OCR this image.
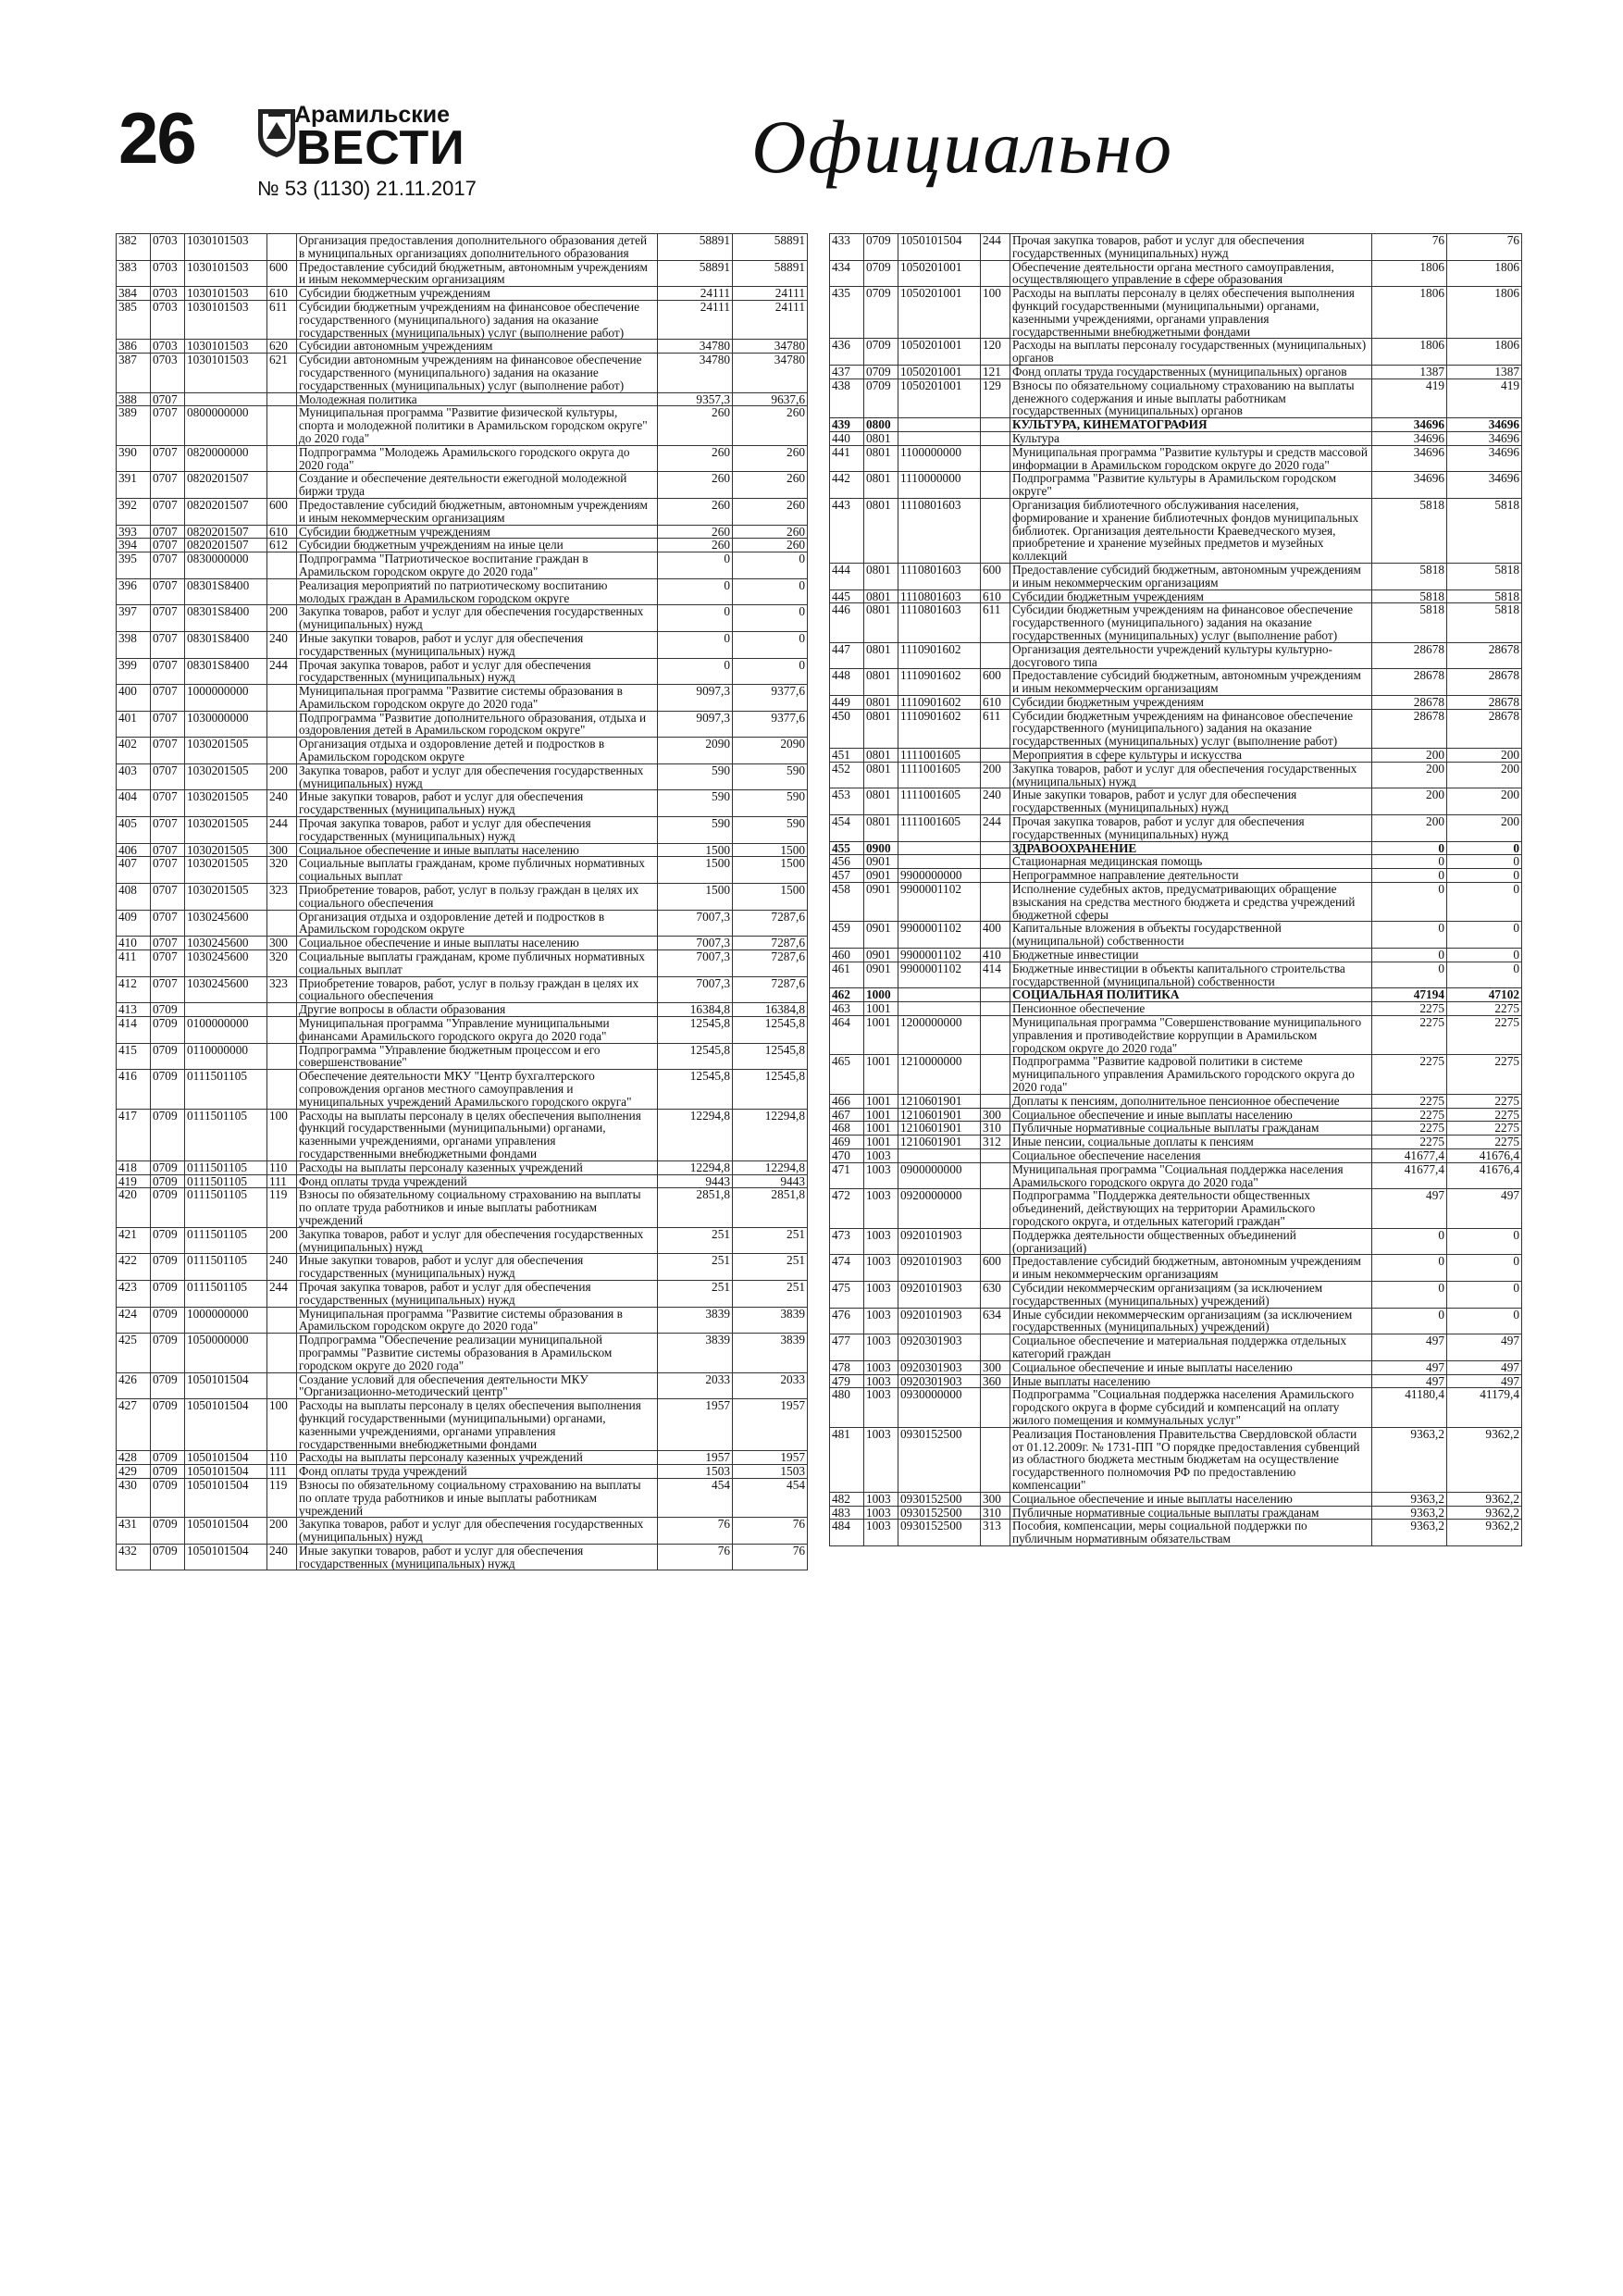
26	Арамильские
ВЕСТИ
№ 53 (1130) 21.11.2017	Официально
382	0703	1030101503		Организация предоставления дополнительного образования детей в муниципальных организациях дополнительного образования	58891	58891
383	0703	1030101503	600	Предоставление субсидий бюджетным, автономным учреждениям и иным некоммерческим организациям	58891	58891
384	0703	1030101503	610	Субсидии бюджетным учреждениям	24111	24111
385	0703	1030101503	611	Субсидии бюджетным учреждениям на финансовое обеспечение государственного (муниципального) задания на оказание государственных (муниципальных) услуг (выполнение работ)	24111	24111
386	0703	1030101503	620	Субсидии автономным учреждениям	34780	34780
387	0703	1030101503	621	Субсидии автономным учреждениям на финансовое обеспечение государственного (муниципального) задания на оказание государственных (муниципальных) услуг (выполнение работ)	34780	34780
388	0707			Молодежная политика	9357,3	9637,6
389	0707	0800000000		Муниципальная программа "Развитие физической культуры, спорта и молодежной политики в Арамильском городском округе" до 2020 года"	260	260
390	0707	0820000000		Подпрограмма "Молодежь Арамильского городского округа до 2020 года"	260	260
391	0707	0820201507		Создание и обеспечение деятельности ежегодной молодежной биржи труда	260	260
392	0707	0820201507	600	Предоставление субсидий бюджетным, автономным учреждениям и иным некоммерческим организациям	260	260
393	0707	0820201507	610	Субсидии бюджетным учреждениям	260	260
394	0707	0820201507	612	Субсидии бюджетным учреждениям на иные цели	260	260
395	0707	0830000000		Подпрограмма "Патриотическое воспитание граждан в Арамильском городском округе до 2020 года"	0	0
396	0707	08301S8400		Реализация мероприятий по патриотическому воспитанию молодых граждан в Арамильском городском округе	0	0
397	0707	08301S8400	200	Закупка товаров, работ и услуг для обеспечения государственных (муниципальных) нужд	0	0
398	0707	08301S8400	240	Иные закупки товаров, работ и услуг для обеспечения государственных (муниципальных) нужд	0	0
399	0707	08301S8400	244	Прочая закупка товаров, работ и услуг для обеспечения государственных (муниципальных) нужд	0	0
400	0707	1000000000		Муниципальная программа "Развитие системы образования в Арамильском городском округе до 2020 года"	9097,3	9377,6
401	0707	1030000000		Подпрограмма "Развитие дополнительного образования, отдыха и оздоровления детей в Арамильском городском округе"	9097,3	9377,6
402	0707	1030201505		Организация отдыха и оздоровление детей и подростков в Арамильском городском округе	2090	2090
403	0707	1030201505	200	Закупка товаров, работ и услуг для обеспечения государственных (муниципальных) нужд	590	590
404	0707	1030201505	240	Иные закупки товаров, работ и услуг для обеспечения государственных (муниципальных) нужд	590	590
405	0707	1030201505	244	Прочая закупка товаров, работ и услуг для обеспечения государственных (муниципальных) нужд	590	590
406	0707	1030201505	300	Социальное обеспечение и иные выплаты населению	1500	1500
407	0707	1030201505	320	Социальные выплаты гражданам, кроме публичных нормативных социальных выплат	1500	1500
408	0707	1030201505	323	Приобретение товаров, работ, услуг в пользу граждан в целях их социального обеспечения	1500	1500
409	0707	1030245600		Организация отдыха и оздоровление детей и подростков в Арамильском городском округе	7007,3	7287,6
410	0707	1030245600	300	Социальное обеспечение и иные выплаты населению	7007,3	7287,6
411	0707	1030245600	320	Социальные выплаты гражданам, кроме публичных нормативных социальных выплат	7007,3	7287,6
412	0707	1030245600	323	Приобретение товаров, работ, услуг в пользу граждан в целях их социального обеспечения	7007,3	7287,6
413	0709			Другие вопросы в области образования	16384,8	16384,8
414	0709	0100000000		Муниципальная программа "Управление муниципальными финансами Арамильского городского округа до 2020 года"	12545,8	12545,8
415	0709	0110000000		Подпрограмма "Управление бюджетным процессом и его совершенствование"	12545,8	12545,8
416	0709	0111501105		Обеспечение деятельности МКУ "Центр бухгалтерского сопровождения органов местного самоуправления и муниципальных учреждений Арамильского городского округа"	12545,8	12545,8
417	0709	0111501105	100	Расходы на выплаты персоналу в целях обеспечения выполнения функций государственными (муниципальными) органами, казенными учреждениями, органами управления государственными внебюджетными фондами	12294,8	12294,8
418	0709	0111501105	110	Расходы на выплаты персоналу казенных учреждений	12294,8	12294,8
419	0709	0111501105	111	Фонд оплаты труда учреждений	9443	9443
420	0709	0111501105	119	Взносы по обязательному социальному страхованию на выплаты по оплате труда работников и иные выплаты работникам учреждений	2851,8	2851,8
421	0709	0111501105	200	Закупка товаров, работ и услуг для обеспечения государственных (муниципальных) нужд	251	251
422	0709	0111501105	240	Иные закупки товаров, работ и услуг для обеспечения государственных (муниципальных) нужд	251	251
423	0709	0111501105	244	Прочая закупка товаров, работ и услуг для обеспечения государственных (муниципальных) нужд	251	251
424	0709	1000000000		Муниципальная программа "Развитие системы образования в Арамильском городском округе до 2020 года"	3839	3839
425	0709	1050000000		Подпрограмма "Обеспечение реализации муниципальной программы "Развитие системы образования в Арамильском городском округе до 2020 года"	3839	3839
426	0709	1050101504		Создание условий для обеспечения деятельности МКУ "Организационно-методический центр"	2033	2033
427	0709	1050101504	100	Расходы на выплаты персоналу в целях обеспечения выполнения функций государственными (муниципальными) органами, казенными учреждениями, органами управления государственными внебюджетными фондами	1957	1957
428	0709	1050101504	110	Расходы на выплаты персоналу казенных учреждений	1957	1957
429	0709	1050101504	111	Фонд оплаты труда учреждений	1503	1503
430	0709	1050101504	119	Взносы по обязательному социальному страхованию на выплаты по оплате труда работников и иные выплаты работникам учреждений	454	454
431	0709	1050101504	200	Закупка товаров, работ и услуг для обеспечения государственных (муниципальных) нужд	76	76
432	0709	1050101504	240	Иные закупки товаров, работ и услуг для обеспечения государственных (муниципальных) нужд	76	76
433	0709	1050101504	244	Прочая закупка товаров, работ и услуг для обеспечения государственных (муниципальных) нужд	76	76
434	0709	1050201001		Обеспечение деятельности органа местного самоуправления, осуществляющего управление в сфере образования	1806	1806
435	0709	1050201001	100	Расходы на выплаты персоналу в целях обеспечения выполнения функций государственными (муниципальными) органами, казенными учреждениями, органами управления государственными внебюджетными фондами	1806	1806
436	0709	1050201001	120	Расходы на выплаты персоналу государственных (муниципальных) органов	1806	1806
437	0709	1050201001	121	Фонд оплаты труда государственных (муниципальных) органов	1387	1387
438	0709	1050201001	129	Взносы по обязательному социальному страхованию на выплаты денежного содержания и иные выплаты работникам государственных (муниципальных) органов	419	419
439	0800			КУЛЬТУРА, КИНЕМАТОГРАФИЯ	34696	34696
440	0801			Культура	34696	34696
441	0801	1100000000		Муниципальная программа "Развитие культуры и средств массовой информации в Арамильском городском округе до 2020 года"	34696	34696
442	0801	1110000000		Подпрограмма "Развитие культуры в Арамильском городском округе"	34696	34696
443	0801	1110801603		Организация библиотечного обслуживания населения, формирование и хранение библиотечных фондов муниципальных библиотек. Организация деятельности Краеведческого музея, приобретение и хранение музейных предметов и музейных коллекций	5818	5818
444	0801	1110801603	600	Предоставление субсидий бюджетным, автономным учреждениям и иным некоммерческим организациям	5818	5818
445	0801	1110801603	610	Субсидии бюджетным учреждениям	5818	5818
446	0801	1110801603	611	Субсидии бюджетным учреждениям на финансовое обеспечение государственного (муниципального) задания на оказание государственных (муниципальных) услуг (выполнение работ)	5818	5818
447	0801	1110901602		Организация деятельности учреждений культуры культурно-досугового типа	28678	28678
448	0801	1110901602	600	Предоставление субсидий бюджетным, автономным учреждениям и иным некоммерческим организациям	28678	28678
449	0801	1110901602	610	Субсидии бюджетным учреждениям	28678	28678
450	0801	1110901602	611	Субсидии бюджетным учреждениям на финансовое обеспечение государственного (муниципального) задания на оказание государственных (муниципальных) услуг (выполнение работ)	28678	28678
451	0801	1111001605		Мероприятия в сфере культуры и искусства	200	200
452	0801	1111001605	200	Закупка товаров, работ и услуг для обеспечения государственных (муниципальных) нужд	200	200
453	0801	1111001605	240	Иные закупки товаров, работ и услуг для обеспечения государственных (муниципальных) нужд	200	200
454	0801	1111001605	244	Прочая закупка товаров, работ и услуг для обеспечения государственных (муниципальных) нужд	200	200
455	0900			ЗДРАВООХРАНЕНИЕ	0	0
456	0901			Стационарная медицинская помощь	0	0
457	0901	9900000000		Непрограммное направление деятельности	0	0
458	0901	9900001102		Исполнение судебных актов, предусматривающих обращение взыскания на средства местного бюджета и средства учреждений бюджетной сферы	0	0
459	0901	9900001102	400	Капитальные вложения в объекты государственной (муниципальной) собственности	0	0
460	0901	9900001102	410	Бюджетные инвестиции	0	0
461	0901	9900001102	414	Бюджетные инвестиции в объекты капитального строительства государственной (муниципальной) собственности	0	0
462	1000			СОЦИАЛЬНАЯ ПОЛИТИКА	47194	47102
463	1001			Пенсионное обеспечение	2275	2275
464	1001	1200000000		Муниципальная программа "Совершенствование муниципального управления и противодействие коррупции в Арамильском городском округе до 2020 года"	2275	2275
465	1001	1210000000		Подпрограмма "Развитие кадровой политики в системе муниципального управления Арамильского городского округа до 2020 года"	2275	2275
466	1001	1210601901		Доплаты к пенсиям, дополнительное пенсионное обеспечение	2275	2275
467	1001	1210601901	300	Социальное обеспечение и иные выплаты населению	2275	2275
468	1001	1210601901	310	Публичные нормативные социальные выплаты гражданам	2275	2275
469	1001	1210601901	312	Иные пенсии, социальные доплаты к пенсиям	2275	2275
470	1003			Социальное обеспечение населения	41677,4	41676,4
471	1003	0900000000		Муниципальная программа "Социальная поддержка населения Арамильского городского округа до 2020 года"	41677,4	41676,4
472	1003	0920000000		Подпрограмма "Поддержка деятельности общественных объединений, действующих на территории Арамильского городского округа, и отдельных категорий граждан"	497	497
473	1003	0920101903		Поддержка деятельности общественных объединений (организаций)	0	0
474	1003	0920101903	600	Предоставление субсидий бюджетным, автономным учреждениям и иным некоммерческим организациям	0	0
475	1003	0920101903	630	Субсидии некоммерческим организациям (за исключением государственных (муниципальных) учреждений)	0	0
476	1003	0920101903	634	Иные субсидии некоммерческим организациям (за исключением государственных (муниципальных) учреждений)	0	0
477	1003	0920301903		Социальное обеспечение и материальная поддержка отдельных категорий граждан	497	497
478	1003	0920301903	300	Социальное обеспечение и иные выплаты населению	497	497
479	1003	0920301903	360	Иные выплаты населению	497	497
480	1003	0930000000		Подпрограмма "Социальная поддержка населения Арамильского городского округа в форме субсидий и компенсаций на оплату жилого помещения и коммунальных услуг"	41180,4	41179,4
481	1003	0930152500		Реализация Постановления Правительства Свердловской области от 01.12.2009г. № 1731-ПП "О порядке предоставления субвенций из областного бюджета местным бюджетам на осуществление государственного полномочия РФ по предоставлению компенсации"	9363,2	9362,2
482	1003	0930152500	300	Социальное обеспечение и иные выплаты населению	9363,2	9362,2
483	1003	0930152500	310	Публичные нормативные социальные выплаты гражданам	9363,2	9362,2
484	1003	0930152500	313	Пособия, компенсации, меры социальной поддержки по публичным нормативным обязательствам	9363,2	9362,2
